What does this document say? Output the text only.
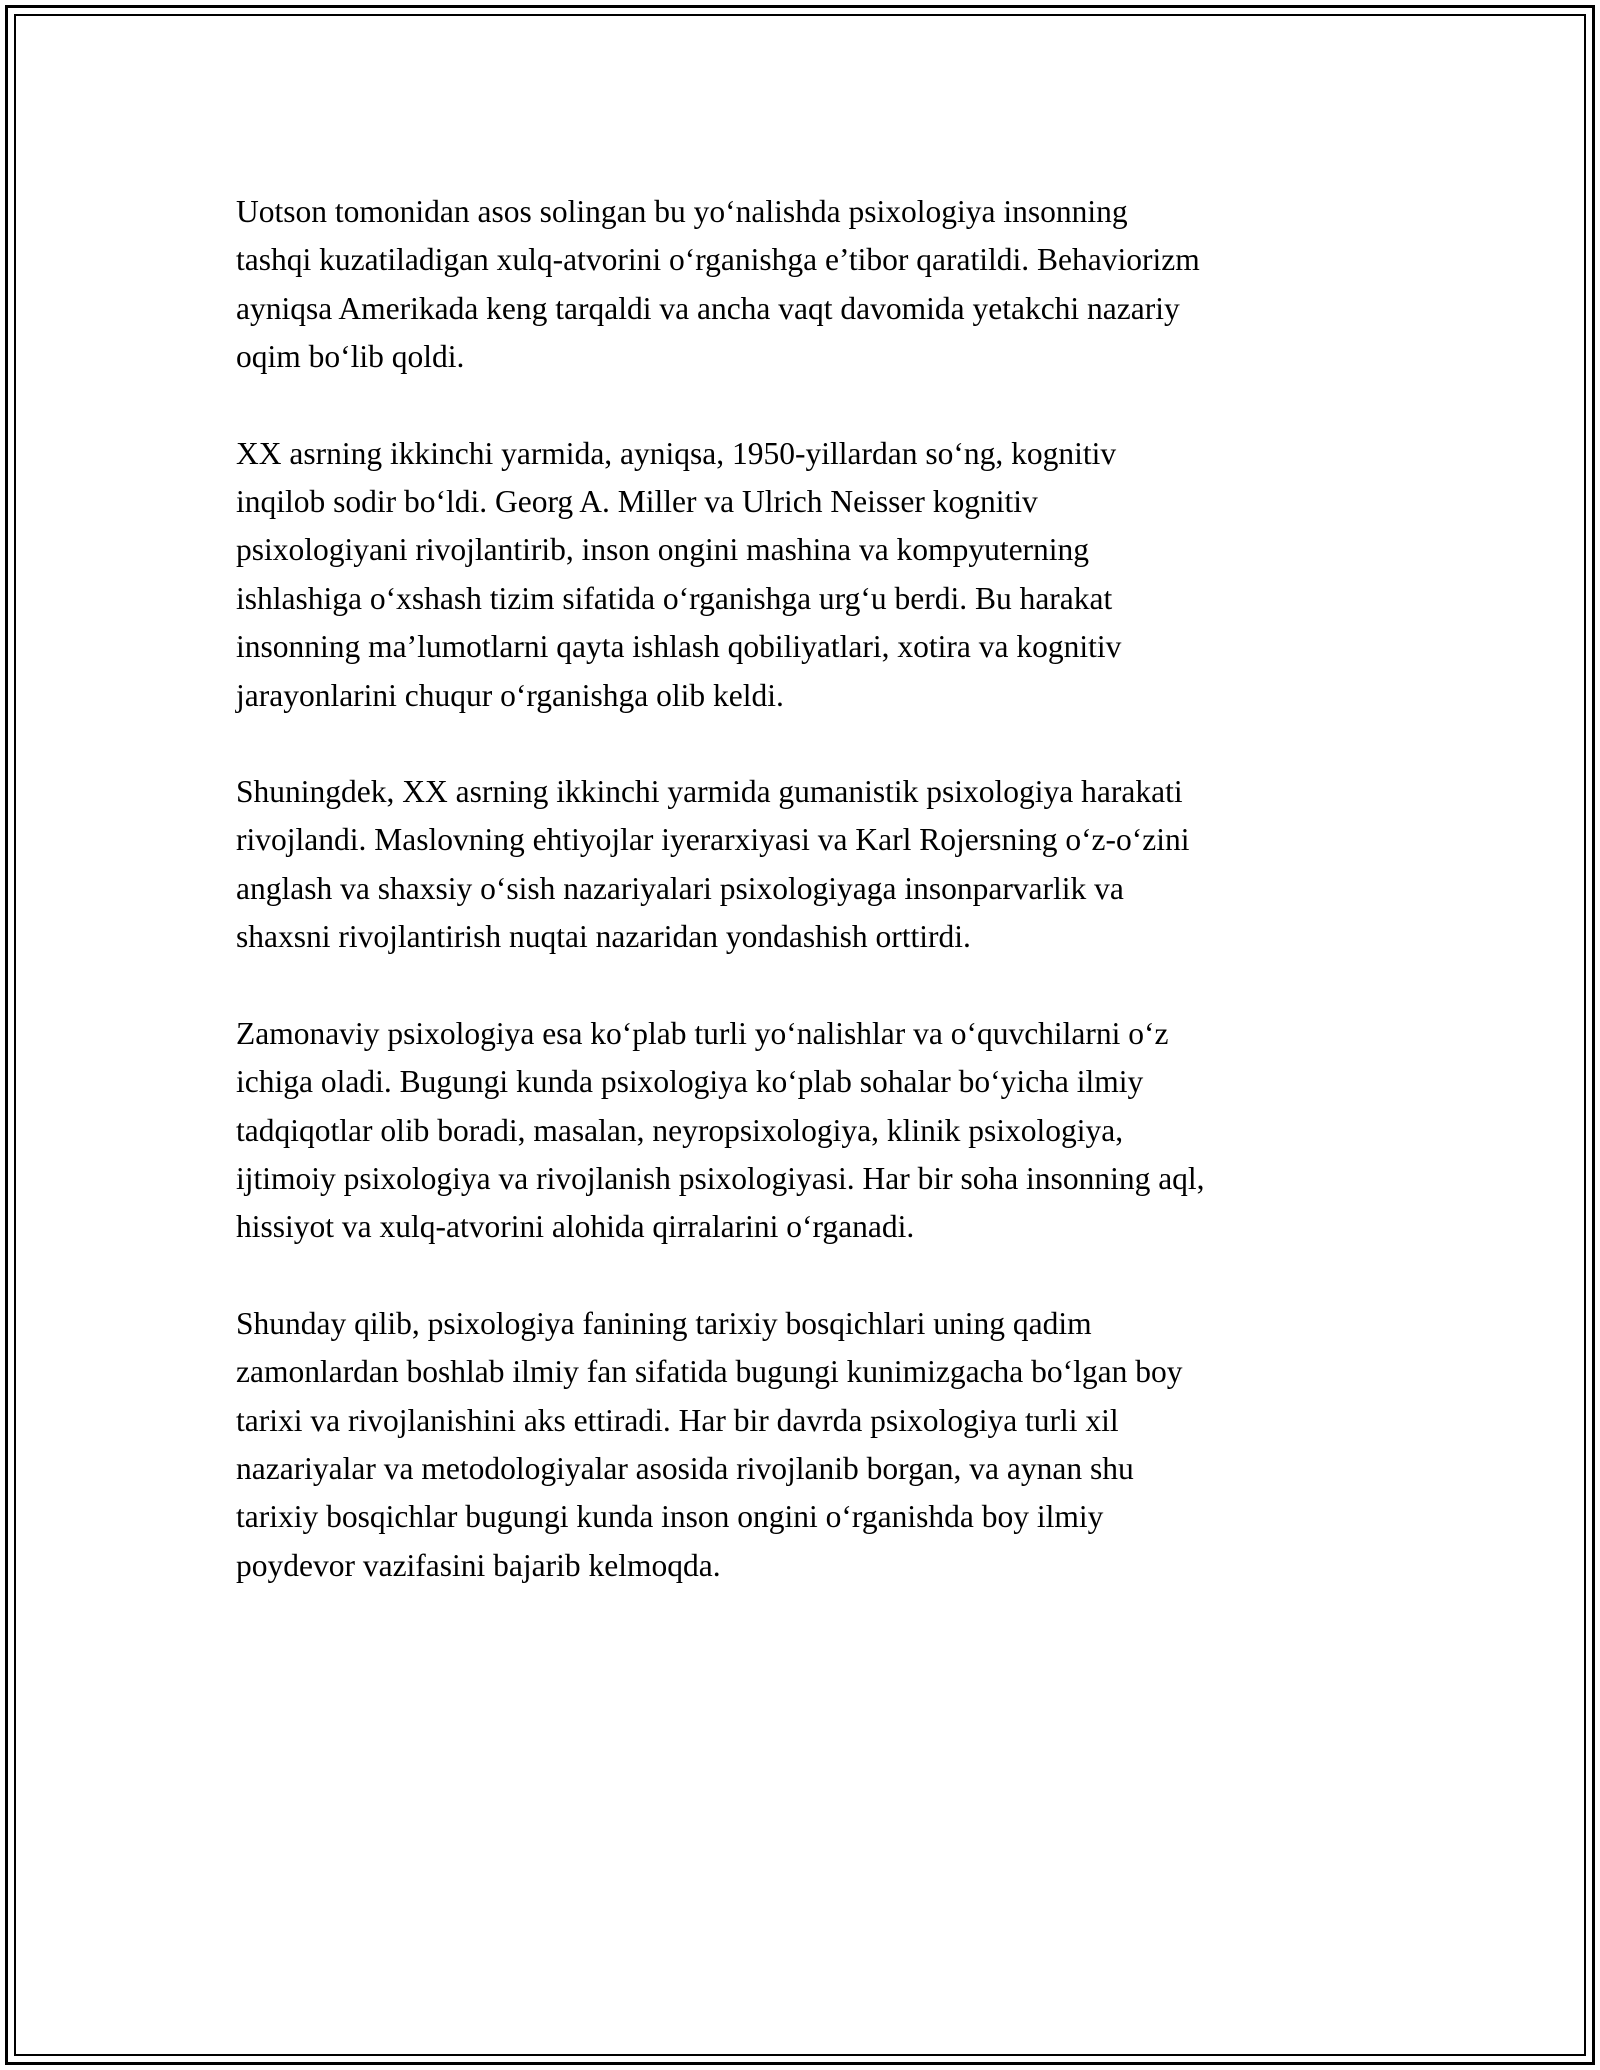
Uotson tomonidan asos solingan bu yo‘nalishda psixologiya insonning
tashqi kuzatiladigan xulq-atvorini o‘rganishga e’tibor qaratildi. Behaviorizm
ayniqsa Amerikada keng tarqaldi va ancha vaqt davomida yetakchi nazariy
oqim bo‘lib qoldi.

XX asrning ikkinchi yarmida, ayniqsa, 1950-yillardan so‘ng, kognitiv
inqilob sodir bo‘ldi. Georg A. Miller va Ulrich Neisser kognitiv
psixologiyani rivojlantirib, inson ongini mashina va kompyuterning
ishlashiga o‘xshash tizim sifatida o‘rganishga urg‘u berdi. Bu harakat
insonning ma’lumotlarni qayta ishlash qobiliyatlari, xotira va kognitiv
jarayonlarini chuqur o‘rganishga olib keldi.

Shuningdek, XX asrning ikkinchi yarmida gumanistik psixologiya harakati
rivojlandi. Maslovning ehtiyojlar iyerarxiyasi va Karl Rojersning o‘z-o‘zini
anglash va shaxsiy o‘sish nazariyalari psixologiyaga insonparvarlik va
shaxsni rivojlantirish nuqtai nazaridan yondashish orttirdi.

Zamonaviy psixologiya esa ko‘plab turli yo‘nalishlar va o‘quvchilarni o‘z
ichiga oladi. Bugungi kunda psixologiya ko‘plab sohalar bo‘yicha ilmiy
tadqiqotlar olib boradi, masalan, neyropsixologiya, klinik psixologiya,
ijtimoiy psixologiya va rivojlanish psixologiyasi. Har bir soha insonning aql,
hissiyot va xulq-atvorini alohida qirralarini o‘rganadi.

Shunday qilib, psixologiya fanining tarixiy bosqichlari uning qadim
zamonlardan boshlab ilmiy fan sifatida bugungi kunimizgacha bo‘lgan boy
tarixi va rivojlanishini aks ettiradi. Har bir davrda psixologiya turli xil
nazariyalar va metodologiyalar asosida rivojlanib borgan, va aynan shu
tarixiy bosqichlar bugungi kunda inson ongini o‘rganishda boy ilmiy
poydevor vazifasini bajarib kelmoqda.
